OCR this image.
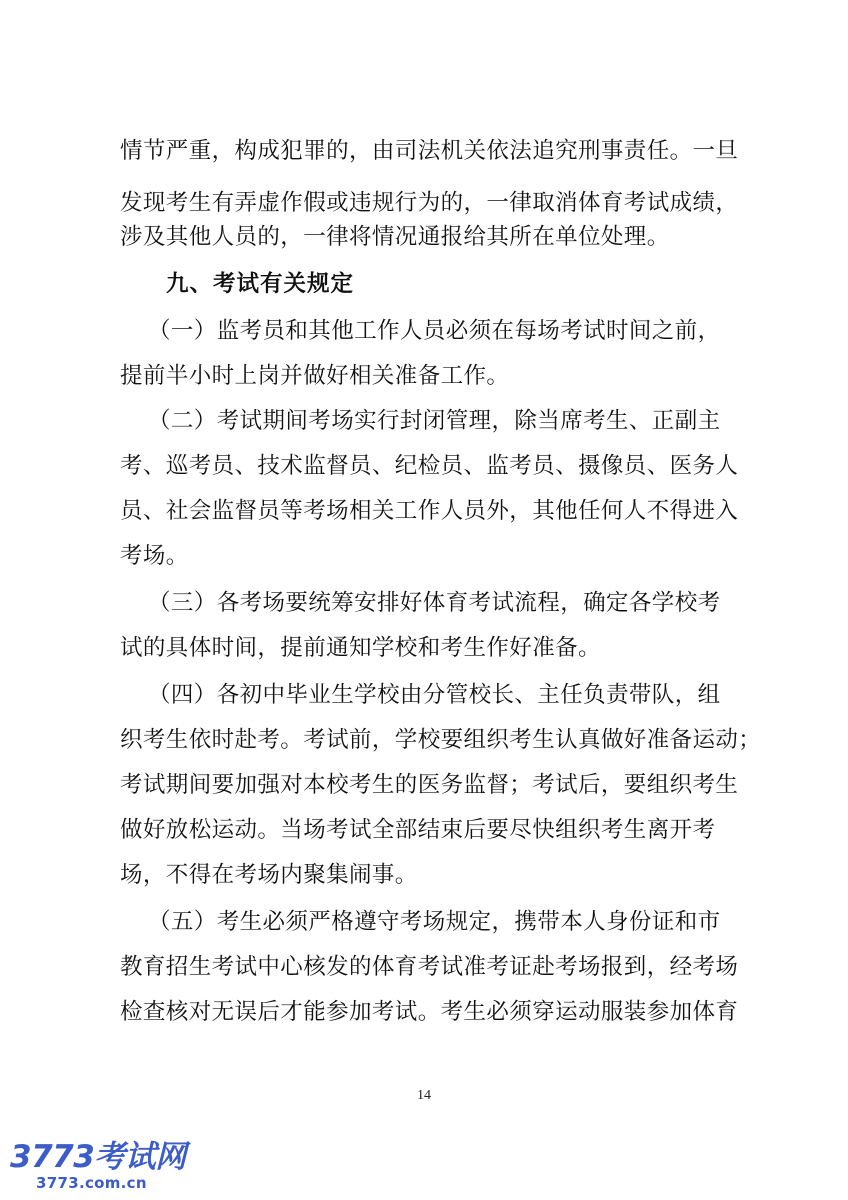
情节严重，构成犯罪的，由司法机关依法追究刑事责任。一旦
发现考生有弄虚作假或违规行为的，一律取消体育考试成绩，
涉及其他人员的，一律将情况通报给其所在单位处理。
九、考试有关规定
（一）监考员和其他工作人员必须在每场考试时间之前，
提前半小时上岗并做好相关准备工作。
（二）考试期间考场实行封闭管理，除当席考生、正副主
考、巡考员、技术监督员、纪检员、监考员、摄像员、医务人
员、社会监督员等考场相关工作人员外，其他任何人不得进入
考场。
（三）各考场要统筹安排好体育考试流程，确定各学校考
试的具体时间，提前通知学校和考生作好准备。
（四）各初中毕业生学校由分管校长、主任负责带队，组
织考生依时赴考。考试前，学校要组织考生认真做好准备运动；
考试期间要加强对本校考生的医务监督；考试后，要组织考生
做好放松运动。当场考试全部结束后要尽快组织考生离开考
场，不得在考场内聚集闹事。
（五）考生必须严格遵守考场规定，携带本人身份证和市
教育招生考试中心核发的体育考试准考证赴考场报到，经考场
检查核对无误后才能参加考试。考生必须穿运动服装参加体育
14
3773考试网
3773.com.cn
